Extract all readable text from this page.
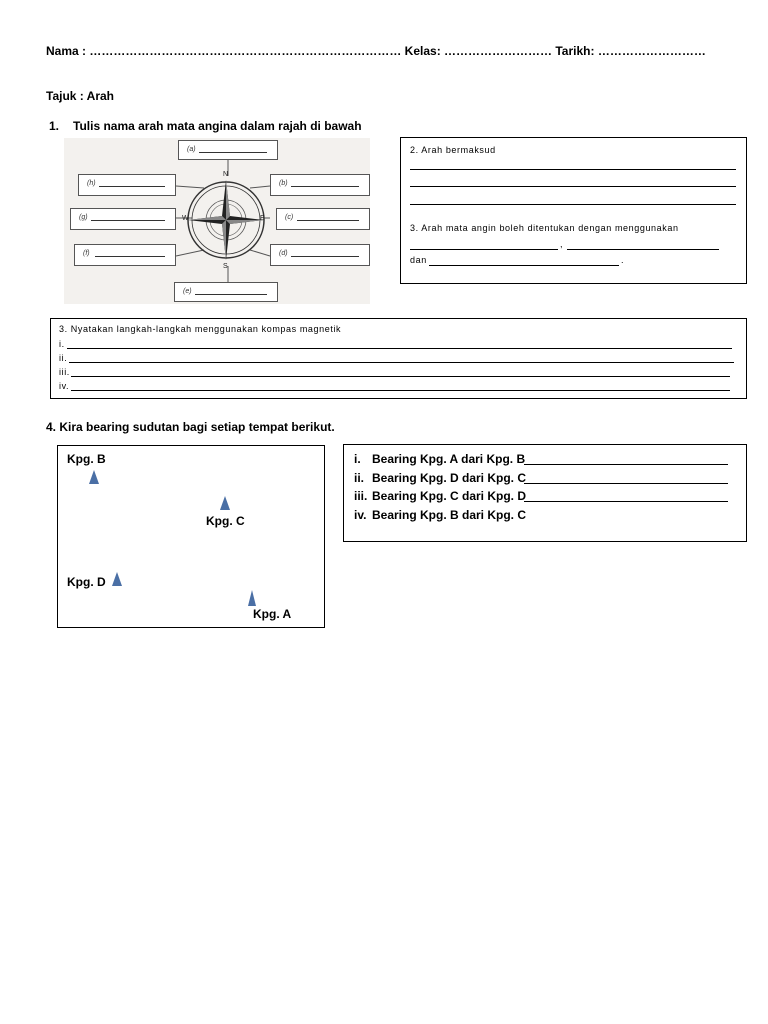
Nama : …………………………………………………………………… Kelas: ……………………… Tarikh: ………………………
Tajuk : Arah
1. Tulis nama arah mata angina dalam rajah di bawah
N
E
S
W
(a)
(b)
(c)
(d)
(e)
(f)
(g)
(h)
2. Arah bermaksud
3. Arah mata angin boleh ditentukan dengan menggunakan
,
dan	.
3. Nyatakan langkah-langkah menggunakan kompas magnetik
i.
ii.
iii.
iv.
4. Kira bearing sudutan bagi setiap tempat berikut.
Kpg. B
Kpg. C
Kpg. D
Kpg. A
i. Bearing Kpg. A dari Kpg. B
ii. Bearing Kpg. D dari Kpg. C
iii. Bearing Kpg. C dari Kpg. D
iv. Bearing Kpg. B dari Kpg. C
